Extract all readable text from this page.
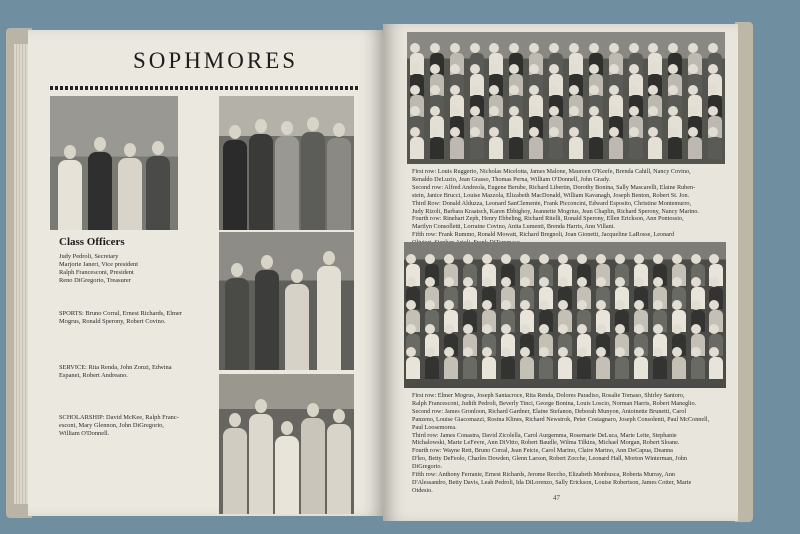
SOPHMORES
Class Officers
Judy Pedroli, Secretary
Marjorie Janeri, Vice president
Ralph Francesconi, President
Reno DiGregorio, Treasurer
SPORTS: Bruno Corral, Ernest Richards, Elmer
Mogrus, Ronald Sperony, Robert Covino.
SERVICE: Rita Renda, John Zonzi, Edwina
Espanet, Robert Andreano.
SCHOLARSHIP: David McKee, Ralph Franc-
esconi, Mary Glennon, John DiGregorio,
William O'Donnell.
First row: Louis Ruggerio, Nicholas Micelotta, James Malone, Maureen O'Keefe, Brenda Cahill, Nancy Covino,
Renaldo DeLuzio, Jean Grasso, Thomas Perna, William O'Donnell, John Grady.
Second row: Alfred Andreola, Eugene Berube, Richard Libertin, Dorothy Bonina, Sally Mascarelli, Elaine Ruben-
stein, Janice Brucci, Louise Mazzola, Elizabeth MacDonald, William Kavanagh, Joseph Benton, Robert St. Jon.
Third Row: Donald Alduzza, Leonard SanClemente, Frank Picconcini, Edward Esposito, Christine Montemurro,
Judy Rizoli, Barbara Kraatsch, Karen Ebbighoy, Jeannette Mogrius, Jean Chaplin, Richard Sperony, Nancy Marino.
Fourth row: Rinehart Zeph, Henry Ebbeling, Richard Ritelli, Ronald Sperony, Ellen Erickson, Ann Pontossio,
Marilyn Consolletti, Lorraine Covino, Anita Lumenti, Brenda Harris, Ann Villani.
Fifth row: Frank Rummo, Ronald Mowatt, Richard Bregnoli, Joan Gionetti, Jacqueline LaRosse, Leonard
First row: Elmer Mogrus, Joseph Santacroce, Rita Renda, Dolores Paradiso, Rosalie Tomaso, Shirley Santoro,
Ralph Francesconi, Judith Pedroli, Beverly Tinci, George Bonina, Louis Loscio, Norman Harris, Robert Maneglio.
Second row: James Gronloon, Richard Gardner, Elaine Stefanon, Deborah Munyon, Antoinette Brunetti, Carol
Panzeno, Louise Giacomazzi, Rosina Klines, Richard Newstrok, Peter Costagnaro, Joseph Consolenti, Paul McConnell,
Paul Loosemorea.
Third row: James Conastra, David Zicolella, Carol Aurgemma, Rosemarie DeLuca, Marie Leite, Stephanie
Michalowski, Marie LeFevre, Ann DiVitto, Robert Baudle, Wilma Tilkins, Michael Morgan, Robert Sloane.
Fourth row: Wayne Rett, Bruno Corral, Jean Fetcie, Carol Marino, Claire Marino, Ann DeCapua, Deanna
D'leo, Betty DeFeolo, Charles Dowden, Glenn Larson, Robert Zocche, Leonard Hall, Morton Winterman, John
DiGregorio.
Fifth row: Anthony Ferranie, Ernest Richards, Jerome Reccho, Elizabeth Monbusca, Roberta Murray, Ann
D'Alessandro, Betty Davis, Leah Pedroli, Ida DiLorenzo, Sally Erickson, Louise Robertson, James Cotter, Marie
Oidesio.
47
